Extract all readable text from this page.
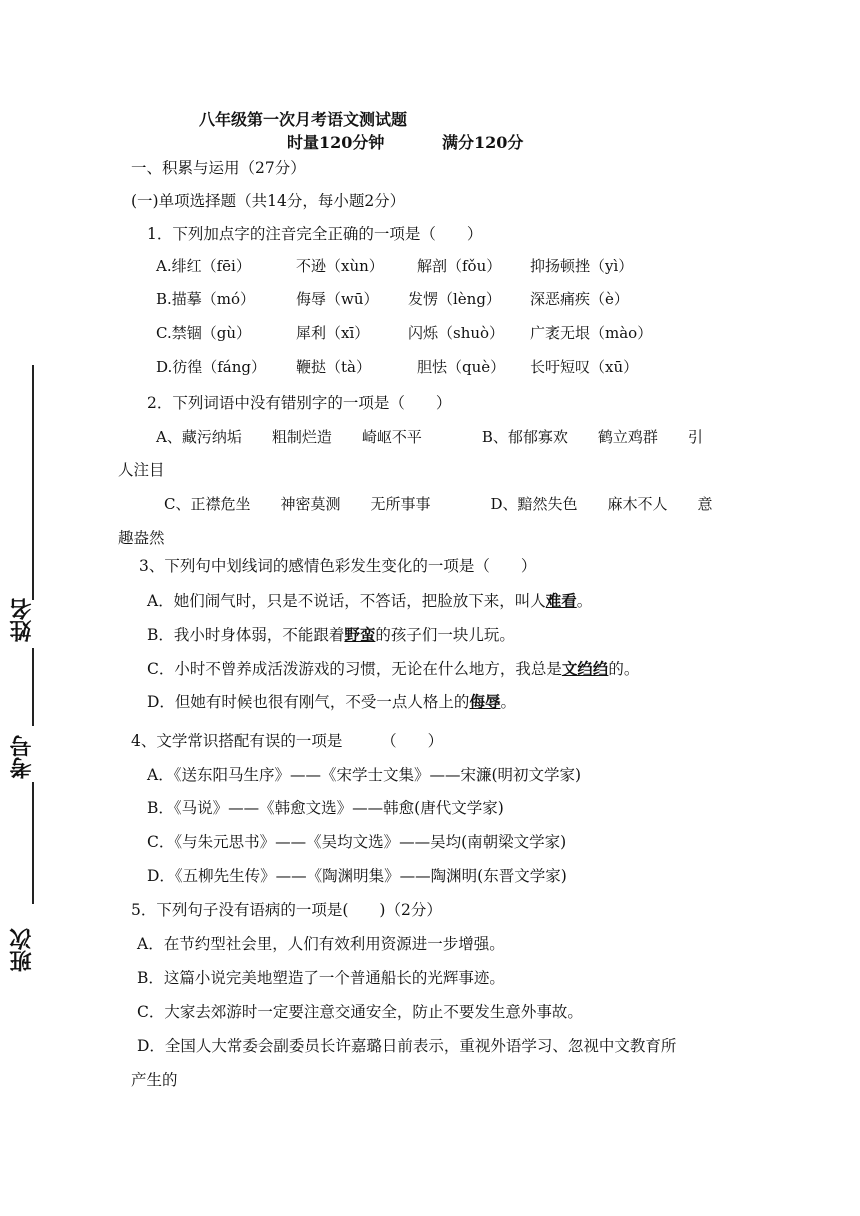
姓名
考号
班次
八年级第一次月考语文测试题
时量120分钟	满分120分
一、积累与运用（27分）
(一)单项选择题（共14分，每小题2分）
1．下列加点字的注音完全正确的一项是（　　）
A.绯红（fēi）	不逊（xùn） 解剖（fǒu） 抑扬顿挫（yì）
B.描摹（mó）	侮辱（wū） 发愣（lèng） 深恶痛疾（è）
C.禁锢（gù）	犀利（xī）	闪烁（shuò） 广袤无垠（mào）
D.彷徨（fáng） 鞭挞（tà）	胆怯（què） 长吁短叹（xū）
2．下列词语中没有错别字的一项是（　　）
A、藏污纳垢　　粗制烂造　　崎岖不平　　　　B、郁郁寡欢　　鹤立鸡群　　引
人注目
C、正襟危坐　　神密莫测　　无所事事　　　　D、黯然失色　　麻木不人　　意
趣盎然
3、下列句中划线词的感情色彩发生变化的一项是（　　）
A．她们闹气时，只是不说话，不答话，把脸放下来，叫人难看。
B．我小时身体弱，不能跟着野蛮的孩子们一块儿玩。
C．小时不曾养成活泼游戏的习惯，无论在什么地方，我总是文绉绉的。
D．但她有时候也很有刚气，不受一点人格上的侮辱。
4、文学常识搭配有误的一项是　　　（　　）
A．《送东阳马生序》——《宋学士文集》——宋濂(明初文学家)
B．《马说》——《韩愈文选》——韩愈(唐代文学家)
C．《与朱元思书》——《吴均文选》——吴均(南朝梁文学家)
D．《五柳先生传》——《陶渊明集》——陶渊明(东晋文学家)
5．下列句子没有语病的一项是(　　)（2分）
A．在节约型社会里，人们有效利用资源进一步增强。
B．这篇小说完美地塑造了一个普通船长的光辉事迹。
C．大家去郊游时一定要注意交通安全，防止不要发生意外事故。
D．全国人大常委会副委员长许嘉璐日前表示，重视外语学习、忽视中文教育所
产生的
